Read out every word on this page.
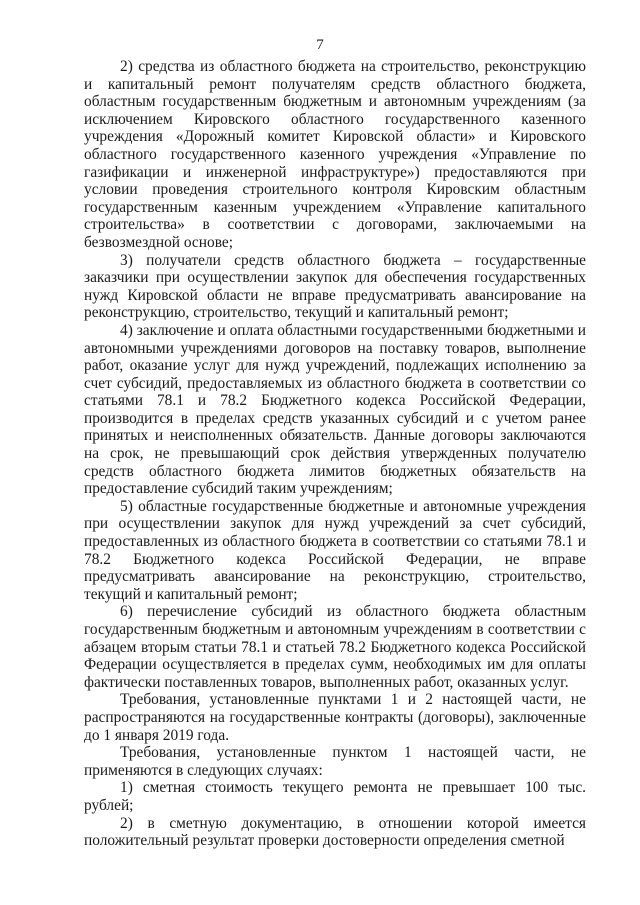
7

2) средства из областного бюджета на строительство, реконструкцию и капитальный ремонт получателям средств областного бюджета, областным государственным бюджетным и автономным учреждениям (за исключением Кировского областного государственного казенного учреждения «Дорожный комитет Кировской области» и Кировского областного государственного казенного учреждения «Управление по газификации и инженерной инфраструктуре») предоставляются при условии проведения строительного контроля Кировским областным государственным казенным учреждением «Управление капитального строительства» в соответствии с договорами, заключаемыми на безвозмездной основе;

3) получатели средств областного бюджета – государственные заказчики при осуществлении закупок для обеспечения государственных нужд Кировской области не вправе предусматривать авансирование на реконструкцию, строительство, текущий и капитальный ремонт;

4) заключение и оплата областными государственными бюджетными и автономными учреждениями договоров на поставку товаров, выполнение работ, оказание услуг для нужд учреждений, подлежащих исполнению за счет субсидий, предоставляемых из областного бюджета в соответствии со статьями 78.1 и 78.2 Бюджетного кодекса Российской Федерации, производится в пределах средств указанных субсидий и с учетом ранее принятых и неисполненных обязательств. Данные договоры заключаются на срок, не превышающий срок действия утвержденных получателю средств областного бюджета лимитов бюджетных обязательств на предоставление субсидий таким учреждениям;

5) областные государственные бюджетные и автономные учреждения при осуществлении закупок для нужд учреждений за счет субсидий, предоставленных из областного бюджета в соответствии со статьями 78.1 и 78.2 Бюджетного кодекса Российской Федерации, не вправе предусматривать авансирование на реконструкцию, строительство, текущий и капитальный ремонт;

6) перечисление субсидий из областного бюджета областным государственным бюджетным и автономным учреждениям в соответствии с абзацем вторым статьи 78.1 и статьей 78.2 Бюджетного кодекса Российской Федерации осуществляется в пределах сумм, необходимых им для оплаты фактически поставленных товаров, выполненных работ, оказанных услуг.

Требования, установленные пунктами 1 и 2 настоящей части, не распространяются на государственные контракты (договоры), заключенные до 1 января 2019 года.

Требования, установленные пунктом 1 настоящей части, не применяются в следующих случаях:

1) сметная стоимость текущего ремонта не превышает 100 тыс. рублей;

2) в сметную документацию, в отношении которой имеется положительный результат проверки достоверности определения сметной
